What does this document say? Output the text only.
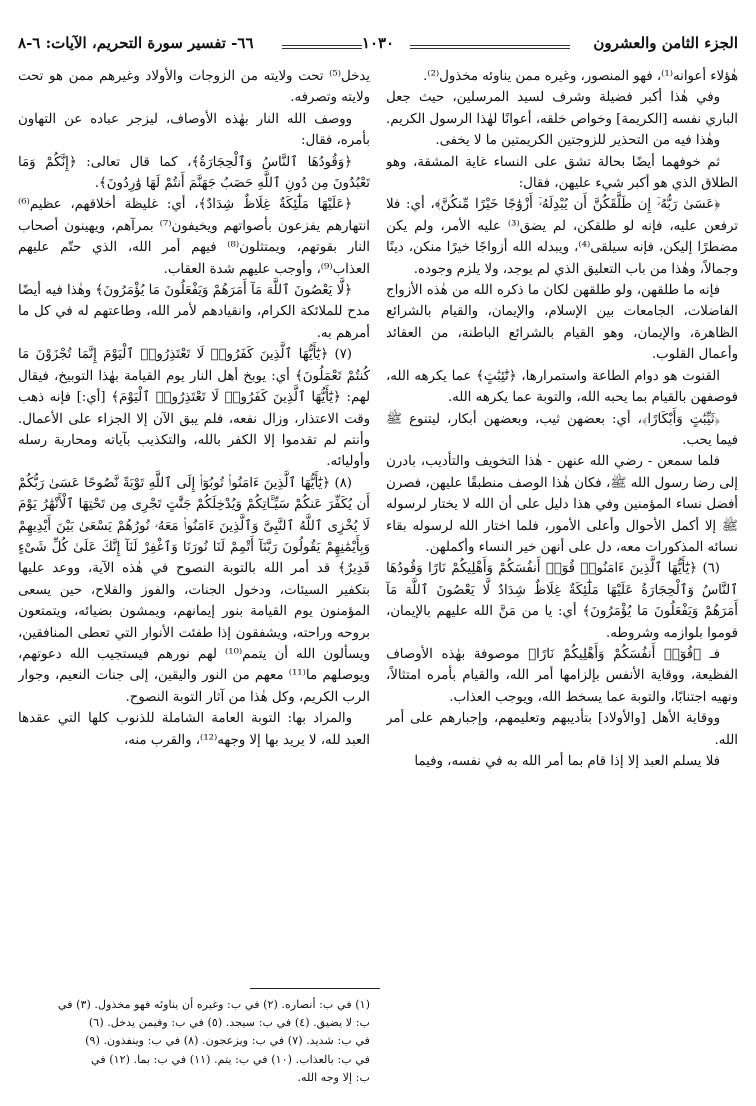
الجزء الثامن والعشرون
١٠٣٠
٦٦- تفسير سورة التحريم، الآيات: ٦-٨

هٰؤلاء أعوانه⁽¹⁾، فهو المنصور، وغيره ممن يناوئه مخذول⁽²⁾.

وفي هٰذا أكبر فضيلة وشرف لسيد المرسلين، حيث جعل الباري نفسه [الكريمة] وخواص خلقه، أعوانًا لهٰذا الرسول الكريم.

وهٰذا فيه من التحذير للزوجتين الكريمتين ما لا يخفى.

ثم خوفهما أيضًا بحالة تشق على النساء غاية المشقة، وهو الطلاق الذي هو أكبر شيء عليهن، فقال:

﴿عَسَىٰ رَبُّهُۥٓ إِن طَلَّقَكُنَّ أَن يُبْدِلَهُۥٓ أَزْوَٰجًا خَيْرًا مِّنكُنَّ﴾، أي: فلا ترفعن عليه، فإنه لو طلقكن، لم يضق⁽³⁾ عليه الأمر، ولم يكن مضطرًا إليكن، فإنه سيلقى⁽⁴⁾، ويبدله الله أزواجًا خيرًا منكن، دينًا وجمالاً، وهٰذا من باب التعليق الذي لم يوجد، ولا يلزم وجوده.

فإنه ما طلقهن، ولو طلقهن لكان ما ذكره الله من هٰذه الأزواج الفاضلات، الجامعات بين الإسلام، والإيمان، والقيام بالشرائع الظاهرة، والإيمان، وهو القيام بالشرائع الباطنة، من العقائد وأعمال القلوب.

القنوت هو دوام الطاعة واستمرارها، ﴿تَٰٓئِبَٰتٍ﴾ عما يكرهه الله، فوصفهن بالقيام بما يحبه الله، والتوبة عما يكرهه الله.

﴿ثَيِّبَٰتٍ وَأَبْكَارًا﴾، أي: بعضهن ثيب، وبعضهن أبكار، ليتنوع ﷺ فيما يحب.

فلما سمعن - رضي الله عنهن - هٰذا التخويف والتأديب، بادرن إلى رضا رسول الله ﷺ، فكان هٰذا الوصف منطبقًا عليهن، فصرن أفضل نساء المؤمنين وفي هذا دليل على أن الله لا يختار لرسوله ﷺ إلا أكمل الأحوال وأعلى الأمور، فلما اختار الله لرسوله بقاء نسائه المذكورات معه، دل على أنهن خير النساء وأكملهن.

(٦) ﴿يَٰٓأَيُّهَا ٱلَّذِينَ ءَامَنُوا۟ قُوٓا۟ أَنفُسَكُمْ وَأَهْلِيكُمْ نَارًا وَقُودُهَا ٱلنَّاسُ وَٱلْحِجَارَةُ عَلَيْهَا مَلَٰٓئِكَةٌ غِلَاظٌ شِدَادٌ لَّا يَعْصُونَ ٱللَّهَ مَآ أَمَرَهُمْ وَيَفْعَلُونَ مَا يُؤْمَرُونَ﴾ أي: يا من مَنَّ الله عليهم بالإيمان، قوموا بلوازمه وشروطه.

فـ ﴿قُوٓا۟ أَنفُسَكُمْ وَأَهْلِيكُمْ نَارًا﴾ موصوفة بهٰذه الأوصاف الفظيعة، ووقاية الأنفس بإلزامها أمر الله، والقيام بأمره امتثالاً، ونهيه اجتنابًا، والتوبة عما يسخط الله، ويوجب العذاب.

ووقاية الأهل [والأولاد] بتأديبهم وتعليمهم، وإجبارهم على أمر الله.

فلا يسلم العبد إلا إذا قام بما أمر الله به في نفسه، وفيما

يدخل⁽⁵⁾ تحت ولايته من الزوجات والأولاد وغيرهم ممن هو تحت ولايته وتصرفه.

ووصف الله النار بهٰذه الأوصاف، ليزجر عباده عن التهاون بأمره، فقال:

﴿وَقُودُهَا ٱلنَّاسُ وَٱلْحِجَارَةُ﴾، كما قال تعالى: ﴿إِنَّكُمْ وَمَا تَعْبُدُونَ مِن دُونِ ٱللَّهِ حَصَبُ جَهَنَّمَ أَنتُمْ لَهَا وَٰرِدُونَ﴾.

﴿عَلَيْهَا مَلَٰٓئِكَةٌ غِلَاظٌ شِدَادٌ﴾، أي: غليظة أخلاقهم، عظيم⁽⁶⁾ انتهارهم يفزعون بأصواتهم ويخيفون⁽⁷⁾ بمرآهم، ويهينون أصحاب النار بقوتهم، ويمتثلون⁽⁸⁾ فيهم أمر الله، الذي حتّم عليهم العذاب⁽⁹⁾، وأوجب عليهم شدة العقاب.

﴿لَّا يَعْصُونَ ٱللَّهَ مَآ أَمَرَهُمْ وَيَفْعَلُونَ مَا يُؤْمَرُونَ﴾ وهٰذا فيه أيضًا مدح للملائكة الكرام، وانقيادهم لأمر الله، وطاعتهم له في كل ما أمرهم به.

(٧) ﴿يَٰٓأَيُّهَا ٱلَّذِينَ كَفَرُوا۟ لَا تَعْتَذِرُوا۟ ٱلْيَوْمَ إِنَّمَا تُجْزَوْنَ مَا كُنتُمْ تَعْمَلُونَ﴾ أي: يوبخ أهل النار يوم القيامة بهٰذا التوبيخ، فيقال لهم: ﴿يَٰٓأَيُّهَا ٱلَّذِينَ كَفَرُوا۟ لَا تَعْتَذِرُوا۟ ٱلْيَوْمَ﴾ [أي:] فإنه ذهب وقت الاعتذار، وزال نفعه، فلم يبق الآن إلا الجزاء على الأعمال. وأنتم لم تقدموا إلا الكفر بالله، والتكذيب بآياته ومحاربة رسله وأوليائه.

(٨) ﴿يَٰٓأَيُّهَا ٱلَّذِينَ ءَامَنُوا۟ تُوبُوٓا۟ إِلَى ٱللَّهِ تَوْبَةً نَّصُوحًا عَسَىٰ رَبُّكُمْ أَن يُكَفِّرَ عَنكُمْ سَيِّـَٔاتِكُمْ وَيُدْخِلَكُمْ جَنَّٰتٍ تَجْرِى مِن تَحْتِهَا ٱلْأَنْهَٰرُ يَوْمَ لَا يُخْزِى ٱللَّهُ ٱلنَّبِىَّ وَٱلَّذِينَ ءَامَنُوا۟ مَعَهُۥ نُورُهُمْ يَسْعَىٰ بَيْنَ أَيْدِيهِمْ وَبِأَيْمَٰنِهِمْ يَقُولُونَ رَبَّنَآ أَتْمِمْ لَنَا نُورَنَا وَٱغْفِرْ لَنَآ إِنَّكَ عَلَىٰ كُلِّ شَىْءٍ قَدِيرٌ﴾ قد أمر الله بالتوبة النصوح في هٰذه الآية، ووعد عليها بتكفير السيئات، ودخول الجنات، والفوز والفلاح، حين يسعى المؤمنون يوم القيامة بنور إيمانهم، ويمشون بضيائه، ويتمتعون بروحه وراحته، ويشفقون إذا طفئت الأنوار التي تعطى المنافقين، ويسألون الله أن يتمم⁽¹⁰⁾ لهم نورهم فيستجيب الله دعوتهم، ويوصلهم ما⁽¹¹⁾ معهم من النور واليقين، إلى جنات النعيم، وجوار الرب الكريم، وكل هٰذا من آثار التوبة النصوح.

والمراد بها: التوبة العامة الشاملة للذنوب كلها التي عقدها العبد لله، لا يريد بها إلا وجهه⁽¹²⁾، والقرب منه،

(١) في ب: أنصاره. (٢) في ب: وغيره أن يناوئه فهو مخذول. (٣) في
ب: لا يضيق. (٤) في ب: سيجد. (٥) في ب: وفيمن يدخل. (٦)
في ب: شديد. (٧) في ب: ويزعجون. (٨) في ب: وينفذون. (٩)
في ب: بالعذاب. (١٠) في ب: يتم. (١١) في ب: بما. (١٢) في
ب: إلا وجه الله.
